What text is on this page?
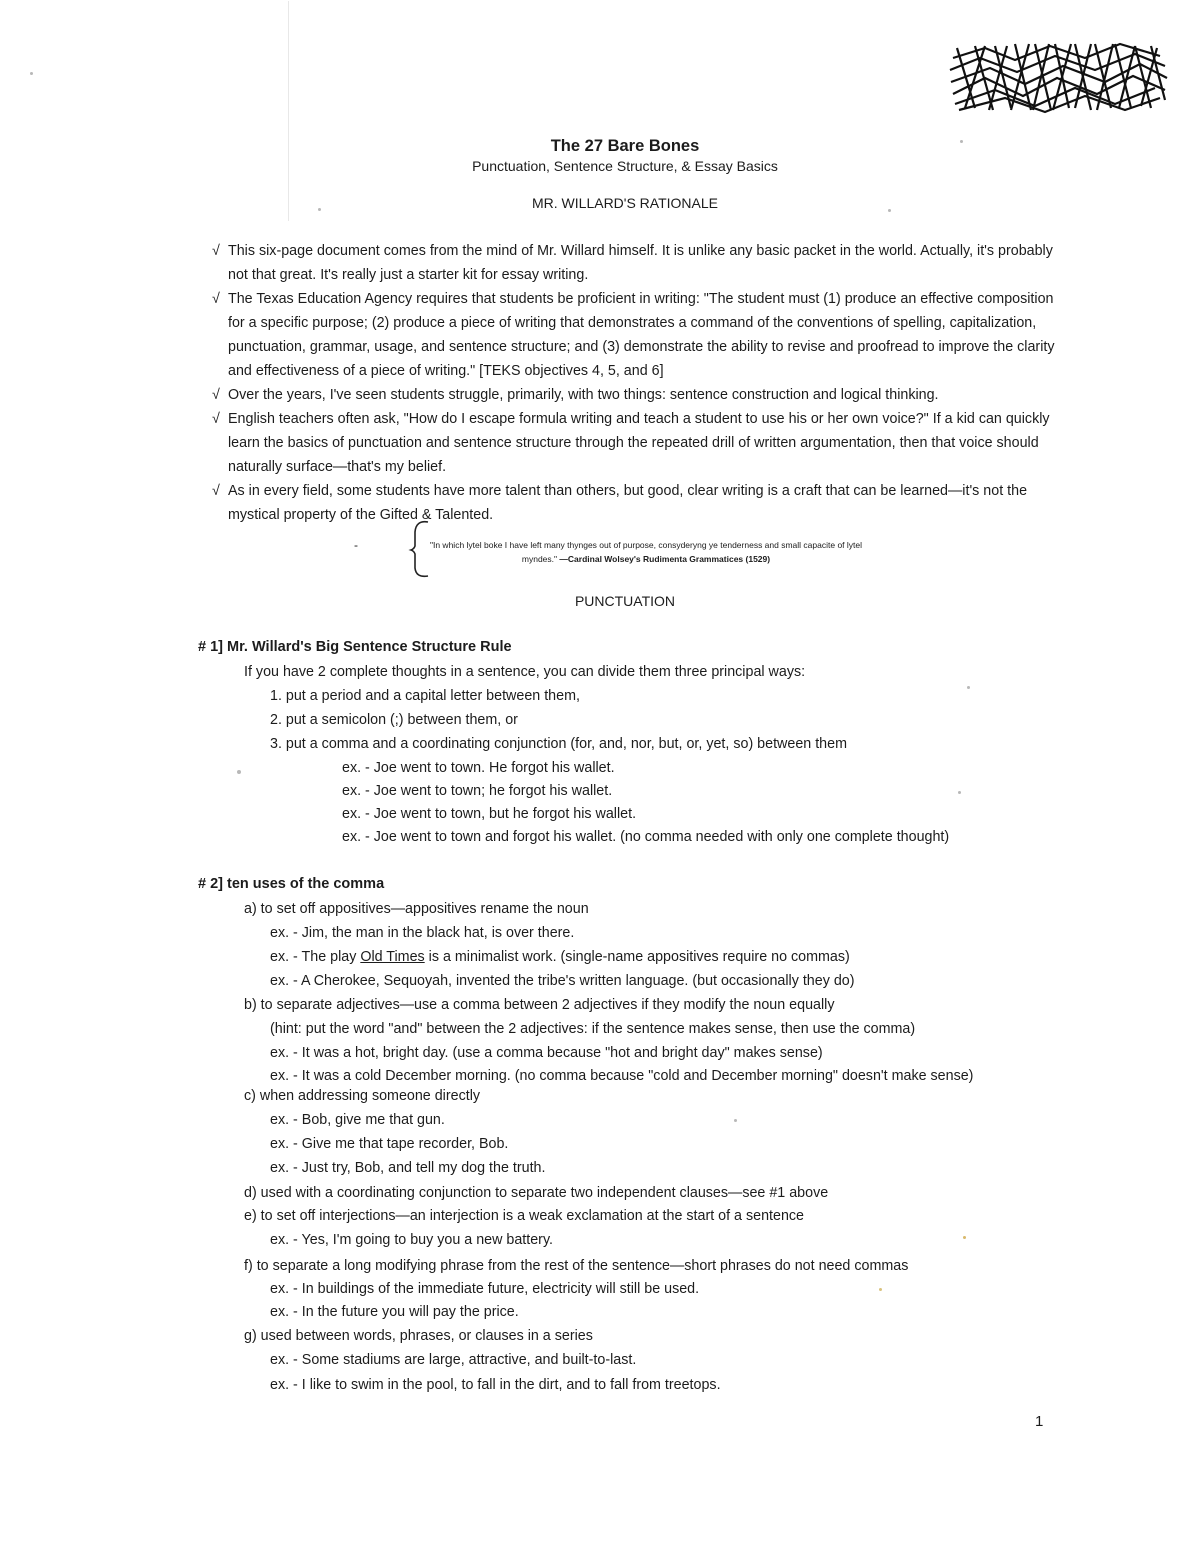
The 27 Bare Bones
Punctuation, Sentence Structure, & Essay Basics
MR. WILLARD'S RATIONALE
√ This six-page document comes from the mind of Mr. Willard himself. It is unlike any basic packet in the world. Actually, it's probably not that great. It's really just a starter kit for essay writing.
√ The Texas Education Agency requires that students be proficient in writing: "The student must (1) produce an effective composition for a specific purpose; (2) produce a piece of writing that demonstrates a command of the conventions of spelling, capitalization, punctuation, grammar, usage, and sentence structure; and (3) demonstrate the ability to revise and proofread to improve the clarity and effectiveness of a piece of writing." [TEKS objectives 4, 5, and 6]
√ Over the years, I've seen students struggle, primarily, with two things: sentence construction and logical thinking.
√ English teachers often ask, "How do I escape formula writing and teach a student to use his or her own voice?" If a kid can quickly learn the basics of punctuation and sentence structure through the repeated drill of written argumentation, then that voice should naturally surface—that's my belief.
√ As in every field, some students have more talent than others, but good, clear writing is a craft that can be learned—it's not the mystical property of the Gifted & Talented.
-	"In which lytel boke I have left many thynges out of purpose, consyderyng ye tenderness and small capacite of lytel myndes." —Cardinal Wolsey's Rudimenta Grammatices (1529)
PUNCTUATION
# 1] Mr. Willard's Big Sentence Structure Rule
If you have 2 complete thoughts in a sentence, you can divide them three principal ways:
1. put a period and a capital letter between them,
2. put a semicolon (;) between them, or
3. put a comma and a coordinating conjunction (for, and, nor, but, or, yet, so) between them
ex. - Joe went to town. He forgot his wallet.
ex. - Joe went to town; he forgot his wallet.
ex. - Joe went to town, but he forgot his wallet.
ex. - Joe went to town and forgot his wallet. (no comma needed with only one complete thought)
# 2] ten uses of the comma
a) to set off appositives—appositives rename the noun
ex. - Jim, the man in the black hat, is over there.
ex. - The play Old Times is a minimalist work. (single-name appositives require no commas)
ex. - A Cherokee, Sequoyah, invented the tribe's written language. (but occasionally they do)
b) to separate adjectives—use a comma between 2 adjectives if they modify the noun equally
(hint: put the word "and" between the 2 adjectives: if the sentence makes sense, then use the comma)
ex. - It was a hot, bright day. (use a comma because "hot and bright day" makes sense)
ex. - It was a cold December morning. (no comma because "cold and December morning" doesn't make sense)
c) when addressing someone directly
ex. - Bob, give me that gun.
ex. - Give me that tape recorder, Bob.
ex. - Just try, Bob, and tell my dog the truth.
d) used with a coordinating conjunction to separate two independent clauses—see #1 above
e) to set off interjections—an interjection is a weak exclamation at the start of a sentence
ex. - Yes, I'm going to buy you a new battery.
f) to separate a long modifying phrase from the rest of the sentence—short phrases do not need commas
ex. - In buildings of the immediate future, electricity will still be used.
ex. - In the future you will pay the price.
g) used between words, phrases, or clauses in a series
ex. - Some stadiums are large, attractive, and built-to-last.
ex. - I like to swim in the pool, to fall in the dirt, and to fall from treetops.
1
